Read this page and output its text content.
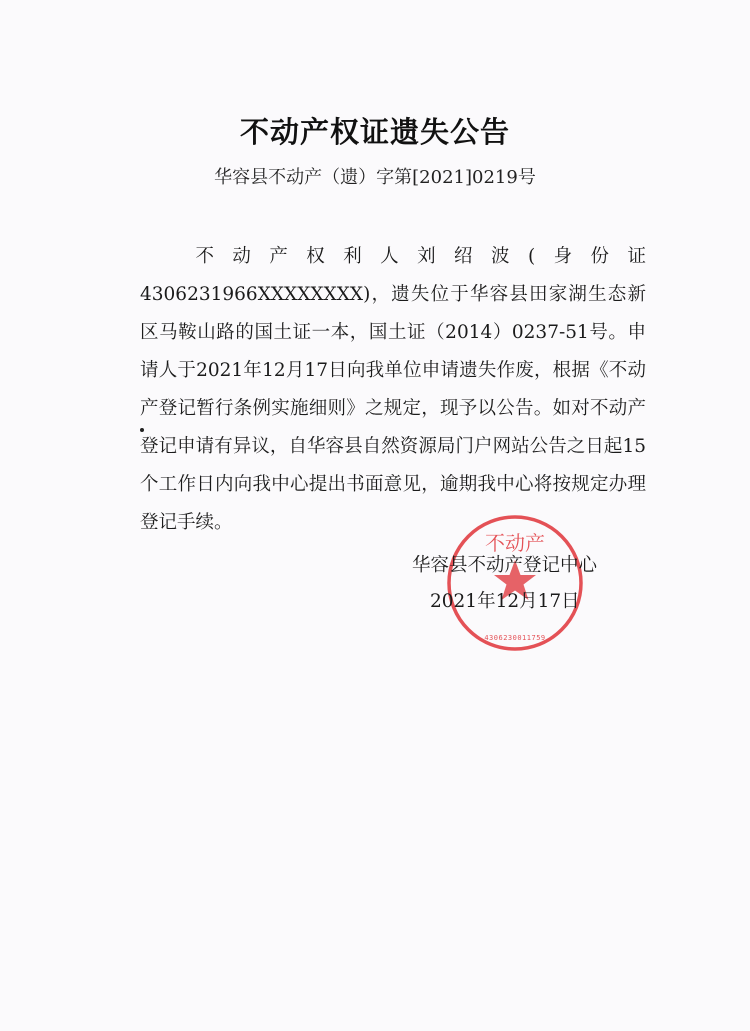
不动产权证遗失公告

华容县不动产（遗）字第[2021]0219号

不动产权利人刘绍波(身份证4306231966XXXXXXXX)，遗失位于华容县田家湖生态新区马鞍山路的国土证一本，国土证（2014）0237-51号。申请人于2021年12月17日向我单位申请遗失作废，根据《不动产登记暂行条例实施细则》之规定，现予以公告。如对不动产登记申请有异议，自华容县自然资源局门户网站公告之日起15个工作日内向我中心提出书面意见，逾期我中心将按规定办理登记手续。

不动产
4306230011759
华容县不动产登记中心
2021年12月17日
